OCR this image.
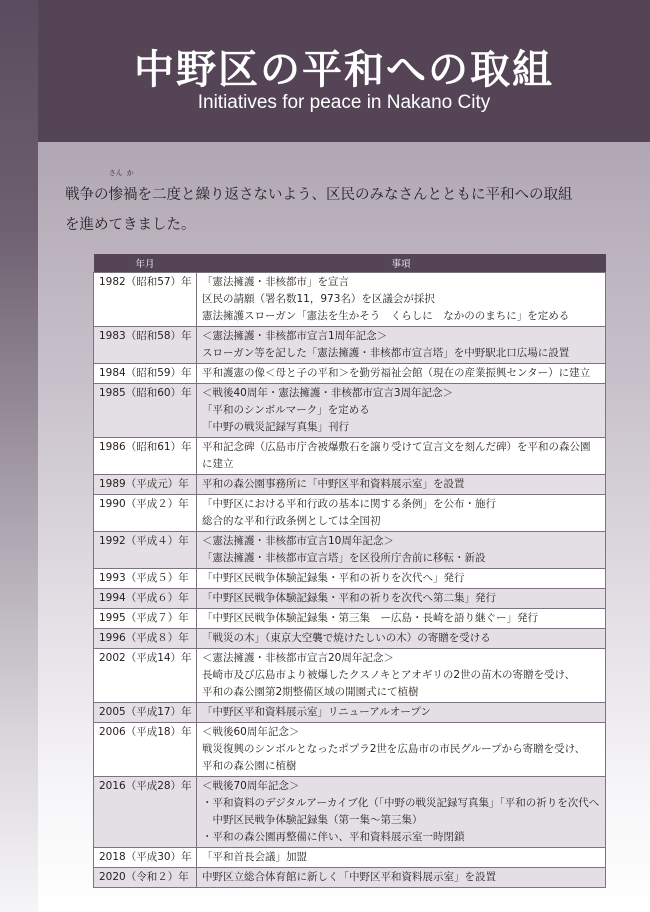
中野区の平和への取組
Initiatives for peace in Nakano City
戦争の
さん
惨
か
禍を二度と繰り返さないよう、区民のみなさんとともに平和への取組
を進めてきました。
年月	事項
1982（昭和57）年	「憲法擁護・非核都市」を宣言
区民の請願（署名数11，973名）を区議会が採択
憲法擁護スローガン「憲法を生かそう　くらしに　なかののまちに」を定める

1983（昭和58）年	＜憲法擁護・非核都市宣言1周年記念＞
スローガン等を記した「憲法擁護・非核都市宣言塔」を中野駅北口広場に設置

1984（昭和59）年	平和護憲の像＜母と子の平和＞を勤労福祉会館（現在の産業振興センター）に建立

1985（昭和60）年	＜戦後40周年・憲法擁護・非核都市宣言3周年記念＞
「平和のシンボルマーク」を定める
「中野の戦災記録写真集」刊行

1986（昭和61）年	平和記念碑（広島市庁舎被爆敷石を譲り受けて宣言文を刻んだ碑）を平和の森公園
に建立

1989（平成元）年	平和の森公園事務所に「中野区平和資料展示室」を設置

1990（平成２）年	「中野区における平和行政の基本に関する条例」を公布・施行
総合的な平和行政条例としては全国初

1992（平成４）年	＜憲法擁護・非核都市宣言10周年記念＞
「憲法擁護・非核都市宣言塔」を区役所庁舎前に移転・新設

1993（平成５）年	「中野区民戦争体験記録集・平和の祈りを次代へ」発行

1994（平成６）年	「中野区民戦争体験記録集・平和の祈りを次代へ第二集」発行

1995（平成７）年	「中野区民戦争体験記録集・第三集　ー広島・長崎を語り継ぐー」発行

1996（平成８）年	「戦災の木」（東京大空襲で焼けたしいの木）の寄贈を受ける

2002（平成14）年	＜憲法擁護・非核都市宣言20周年記念＞
長崎市及び広島市より被爆したクスノキとアオギリの2世の苗木の寄贈を受け、
平和の森公園第2期整備区域の開園式にて植樹

2005（平成17）年	「中野区平和資料展示室」リニューアルオープン

2006（平成18）年	＜戦後60周年記念＞
戦災復興のシンボルとなったポプラ2世を広島市の市民グループから寄贈を受け、
平和の森公園に植樹

2016（平成28）年	＜戦後70周年記念＞
・平和資料のデジタルアーカイブ化（「中野の戦災記録写真集」「平和の祈りを次代へ
　中野区民戦争体験記録集（第一集～第三集）
・平和の森公園再整備に伴い、平和資料展示室一時閉鎖

2018（平成30）年	「平和首長会議」加盟

2020（令和２）年	中野区立総合体育館に新しく「中野区平和資料展示室」を設置
